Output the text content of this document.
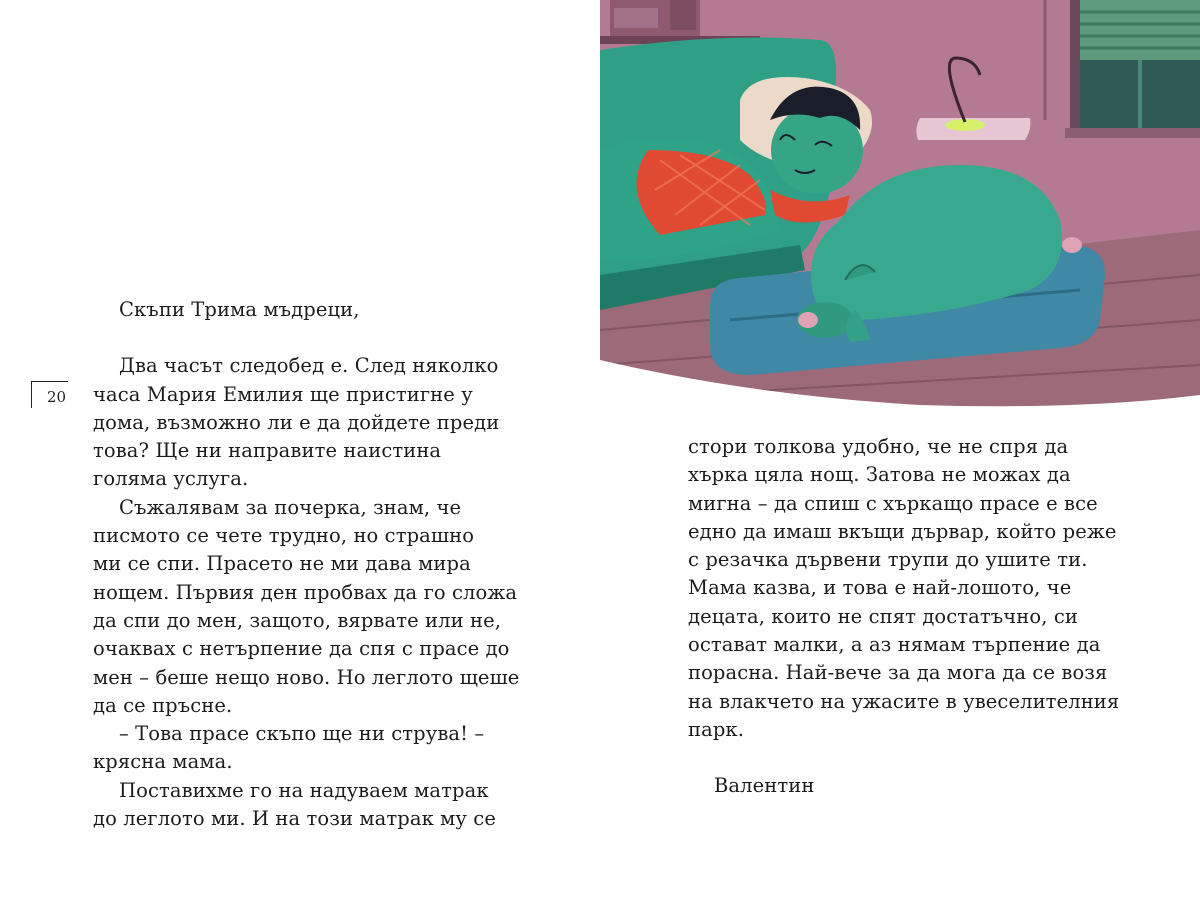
20
Скъпи Трима мъдреци,
Два часът следобед е. След няколко
часа Мария Емилия ще пристигне у
дома, възможно ли е да дойдете преди
това? Ще ни направите наистина
голяма услуга.
Съжалявам за почерка, знам, че
писмото се чете трудно, но страшно
ми се спи. Прасето не ми дава мира
нощем. Първия ден пробвах да го сложа
да спи до мен, защото, вярвате или не,
очаквах с нетърпение да спя с прасе до
мен – беше нещо ново. Но леглото щеше
да се пръсне.
– Това прасе скъпо ще ни струва! –
крясна мама.
Поставихме го на надуваем матрак
до леглото ми. И на този матрак му се
стори толкова удобно, че не спря да
хърка цяла нощ. Затова не можах да
мигна – да спиш с хъркащо прасе е все
едно да имаш вкъщи дървар, който реже
с резачка дървени трупи до ушите ти.
Мама казва, и това е най-лошото, че
децата, които не спят достатъчно, си
остават малки, а аз нямам търпение да
порасна. Най-вече за да мога да се возя
на влакчето на ужасите в увеселителния
парк.
Валентин
